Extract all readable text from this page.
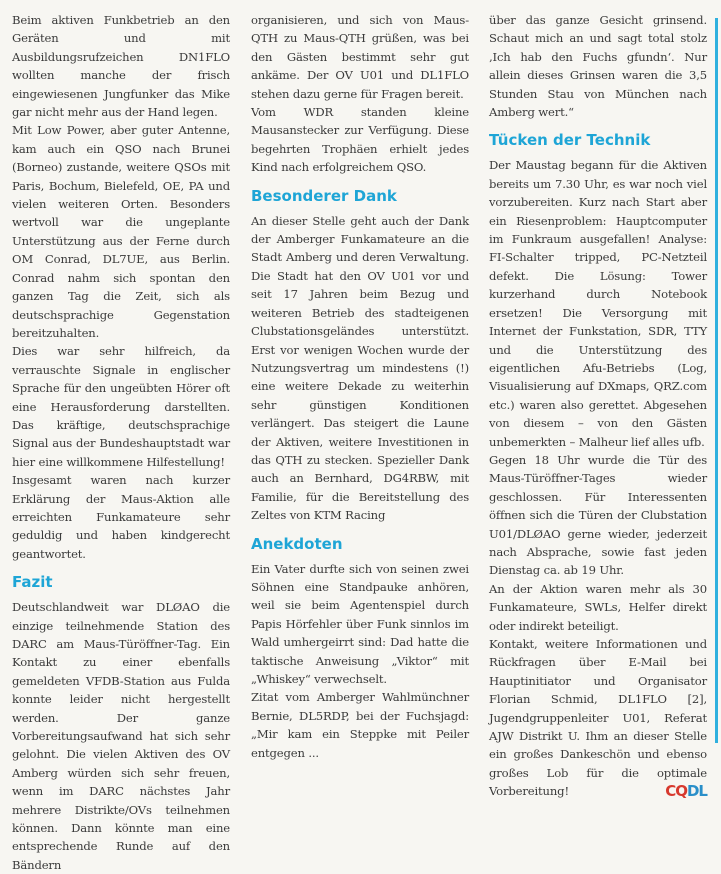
Beim aktiven Funkbetrieb an den Geräten und mit Ausbildungsrufzeichen DN1FLO wollten manche der frisch eingewiesenen Jungfunker das Mike gar nicht mehr aus der Hand legen.

Mit Low Power, aber guter Antenne, kam auch ein QSO nach Brunei (Borneo) zustande, weitere QSOs mit Paris, Bochum, Bielefeld, OE, PA und vielen weiteren Orten. Besonders wertvoll war die ungeplante Unterstützung aus der Ferne durch OM Conrad, DL7UE, aus Berlin. Conrad nahm sich spontan den ganzen Tag die Zeit, sich als deutschsprachige Gegenstation bereitzuhalten.

Dies war sehr hilfreich, da verrauschte Signale in englischer Sprache für den ungeübten Hörer oft eine Herausforderung darstellten. Das kräftige, deutschsprachige Signal aus der Bundeshauptstadt war hier eine willkommene Hilfestellung!

Insgesamt waren nach kurzer Erklärung der Maus-Aktion alle erreichten Funkamateure sehr geduldig und haben kindgerecht geantwortet.

Fazit

Deutschlandweit war DLØAO die einzige teilnehmende Station des DARC am Maus-Türöffner-Tag. Ein Kontakt zu einer ebenfalls gemeldeten VFDB-Station aus Fulda konnte leider nicht hergestellt werden. Der ganze Vorbereitungsaufwand hat sich sehr gelohnt. Die vielen Aktiven des OV Amberg würden sich sehr freuen, wenn im DARC nächstes Jahr mehrere Distrikte/OVs teilnehmen können. Dann könnte man eine entsprechende Runde auf den Bändern

organisieren, und sich von Maus-QTH zu Maus-QTH grüßen, was bei den Gästen bestimmt sehr gut ankäme. Der OV U01 und DL1FLO stehen dazu gerne für Fragen bereit.

Vom WDR standen kleine Mausanstecker zur Verfügung. Diese begehrten Trophäen erhielt jedes Kind nach erfolgreichem QSO.

Besonderer Dank

An dieser Stelle geht auch der Dank der Amberger Funkamateure an die Stadt Amberg und deren Verwaltung. Die Stadt hat den OV U01 vor und seit 17 Jahren beim Bezug und weiteren Betrieb des stadteigenen Clubstationsgeländes unterstützt. Erst vor wenigen Wochen wurde der Nutzungsvertrag um mindestens (!) eine weitere Dekade zu weiterhin sehr günstigen Konditionen verlängert. Das steigert die Laune der Aktiven, weitere Investitionen in das QTH zu stecken. Spezieller Dank auch an Bernhard, DG4RBW, mit Familie, für die Bereitstellung des Zeltes von KTM Racing

Anekdoten

Ein Vater durfte sich von seinen zwei Söhnen eine Standpauke anhören, weil sie beim Agentenspiel durch Papis Hörfehler über Funk sinnlos im Wald umhergeirrt sind: Dad hatte die taktische Anweisung „Viktor“ mit „Whiskey“ verwechselt.

Zitat vom Amberger Wahlmünchner Bernie, DL5RDP, bei der Fuchsjagd: „Mir kam ein Steppke mit Peiler entgegen ...

über das ganze Gesicht grinsend. Schaut mich an und sagt total stolz ‚Ich hab den Fuchs gfundn‘. Nur allein dieses Grinsen waren die 3,5 Stunden Stau von München nach Amberg wert.“

Tücken der Technik

Der Maustag begann für die Aktiven bereits um 7.30 Uhr, es war noch viel vorzubereiten. Kurz nach Start aber ein Riesenproblem: Hauptcomputer im Funkraum ausgefallen! Analyse: FI-Schalter tripped, PC-Netzteil defekt. Die Lösung: Tower kurzerhand durch Notebook ersetzen! Die Versorgung mit Internet der Funkstation, SDR, TTY und die Unterstützung des eigentlichen Afu-Betriebs (Log, Visualisierung auf DXmaps, QRZ.com etc.) waren also gerettet. Abgesehen von diesem – von den Gästen unbemerkten – Malheur lief alles ufb.

Gegen 18 Uhr wurde die Tür des Maus-Türöffner-Tages wieder geschlossen. Für Interessenten öffnen sich die Türen der Clubstation U01/DLØAO gerne wieder, jederzeit nach Absprache, sowie fast jeden Dienstag ca. ab 19 Uhr.

An der Aktion waren mehr als 30 Funkamateure, SWLs, Helfer direkt oder indirekt beteiligt.

Kontakt, weitere Informationen und Rückfragen über E-Mail bei Hauptinitiator und Organisator Florian Schmid, DL1FLO [2], Jugendgruppenleiter U01, Referat AJW Distrikt U. Ihm an dieser Stelle ein großes Dankeschön und ebenso großes Lob für die optimale Vorbereitung!	CQDL
